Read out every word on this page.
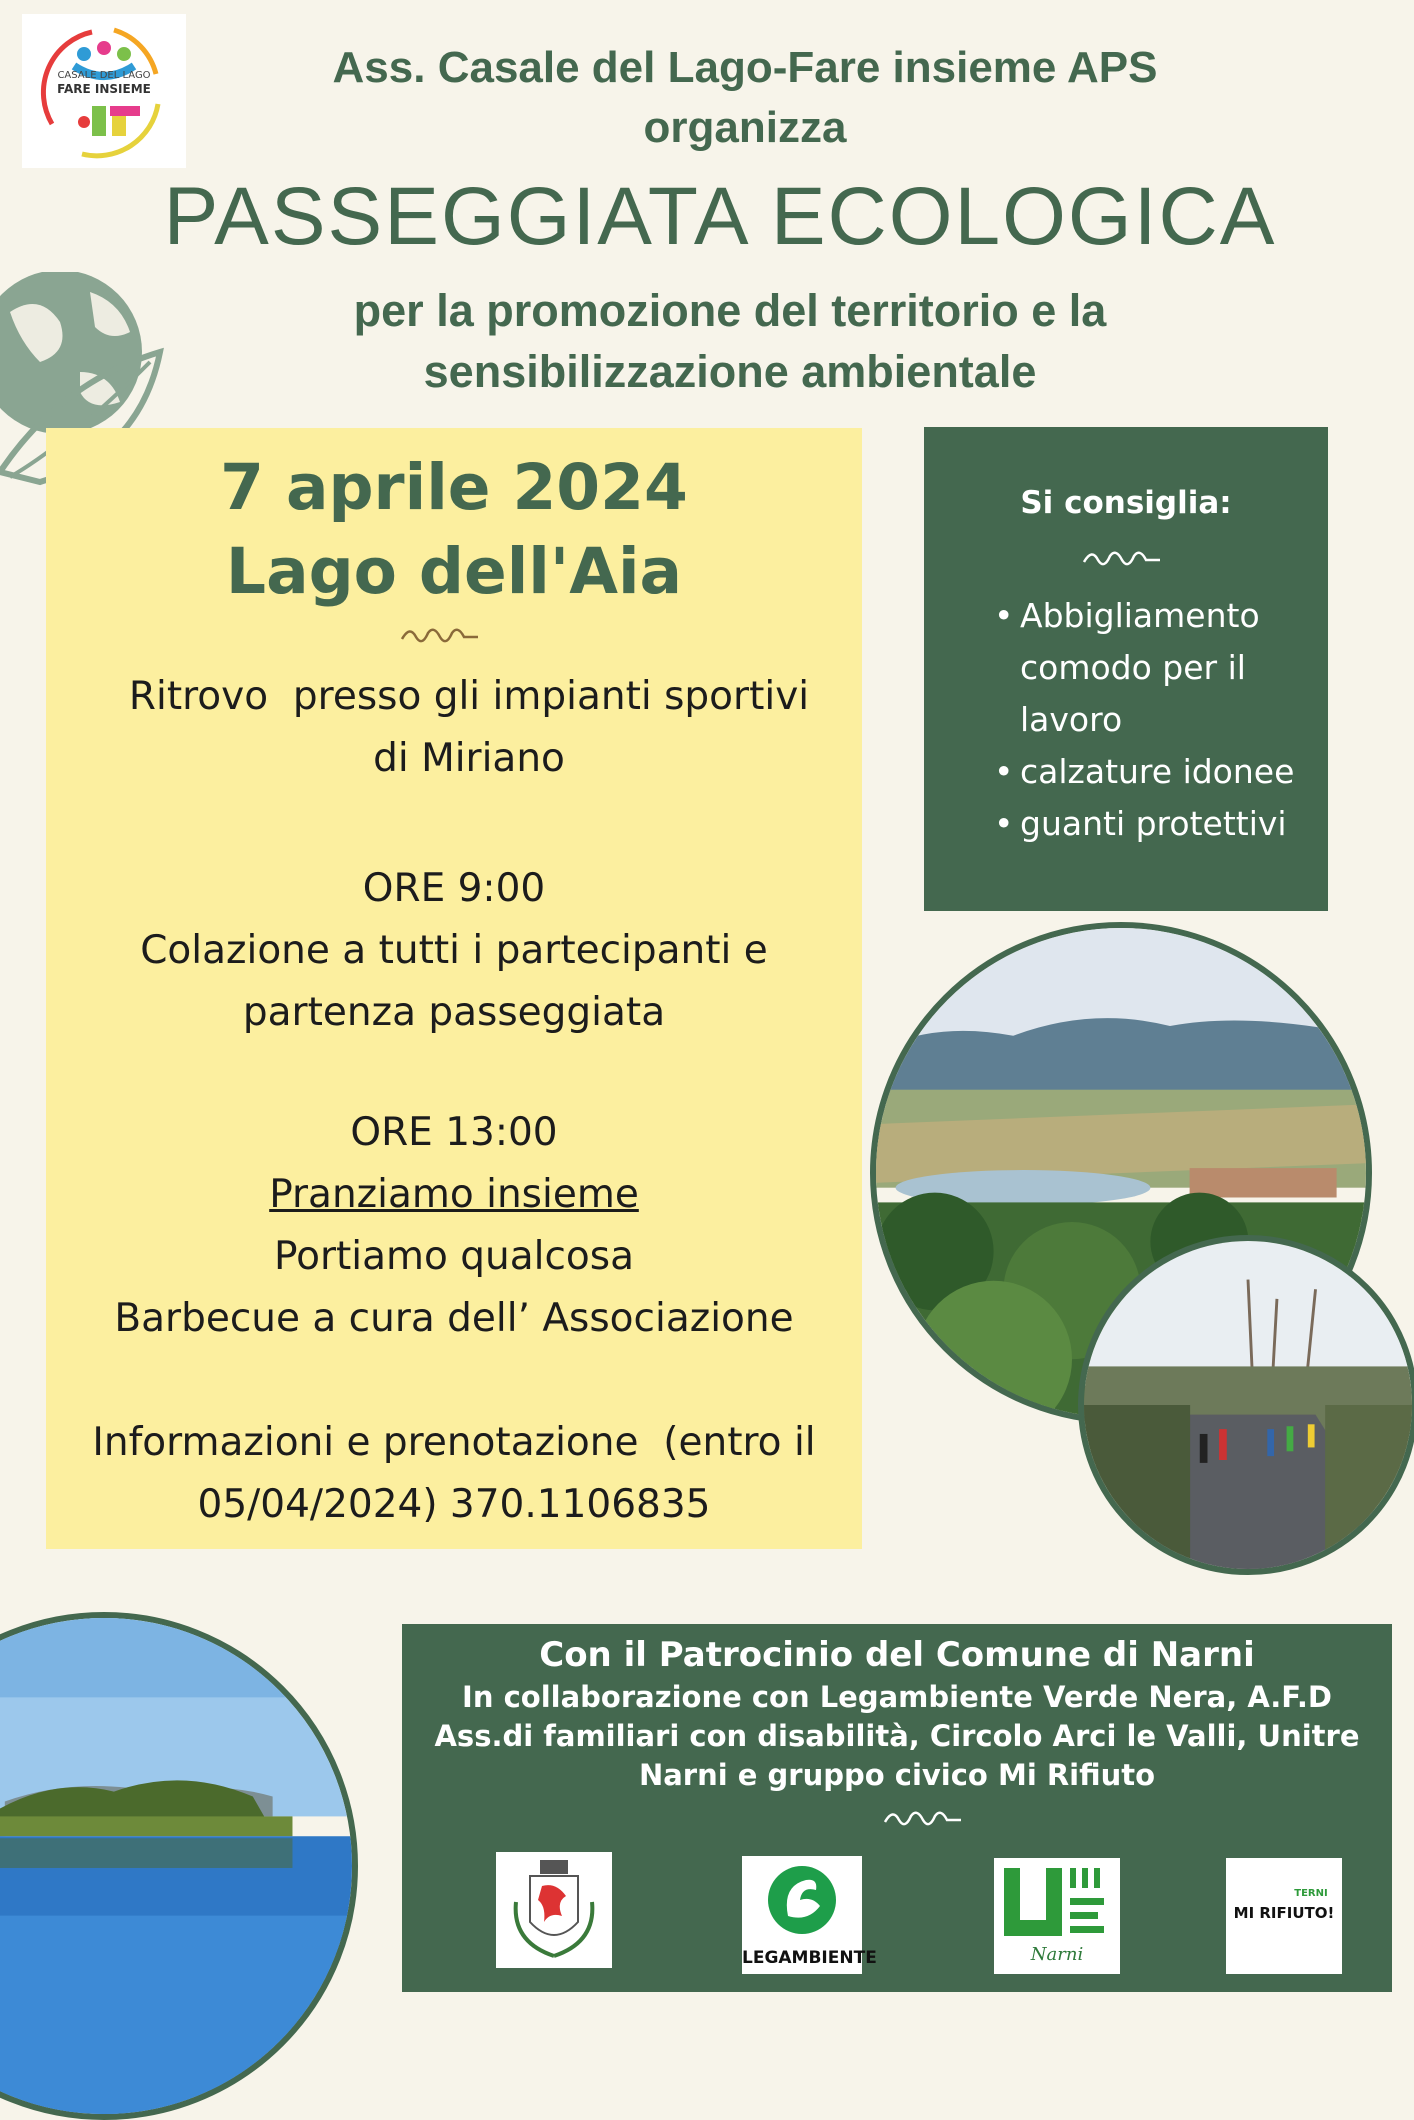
CASALE DEL LAGO
FARE INSIEME	Ass. Casale del Lago-Fare insieme APS
organizza
PASSEGGIATA ECOLOGICA
per la promozione del territorio e la
sensibilizzazione ambientale
7 aprile 2024
Lago dell'Aia
Ritrovo  presso gli impianti sportivi
di Miriano
ORE 9:00
Colazione a tutti i partecipanti e
partenza passeggiata
ORE 13:00
Pranziamo insieme
Portiamo qualcosa
Barbecue a cura dell’ Associazione
Informazioni e prenotazione  (entro il
05/04/2024) 370.1106835
Si consiglia:
• Abbigliamento comodo per il lavoro
• calzature idonee
• guanti protettivi
Con il Patrocinio del Comune di Narni
In collaborazione con Legambiente Verde Nera, A.F.D Ass.di familiari con disabilità, Circolo Arci le Valli, Unitre Narni e gruppo civico Mi Rifiuto
LEGAMBIENTE	Narni
TERNI
MI RIFIUTO!
